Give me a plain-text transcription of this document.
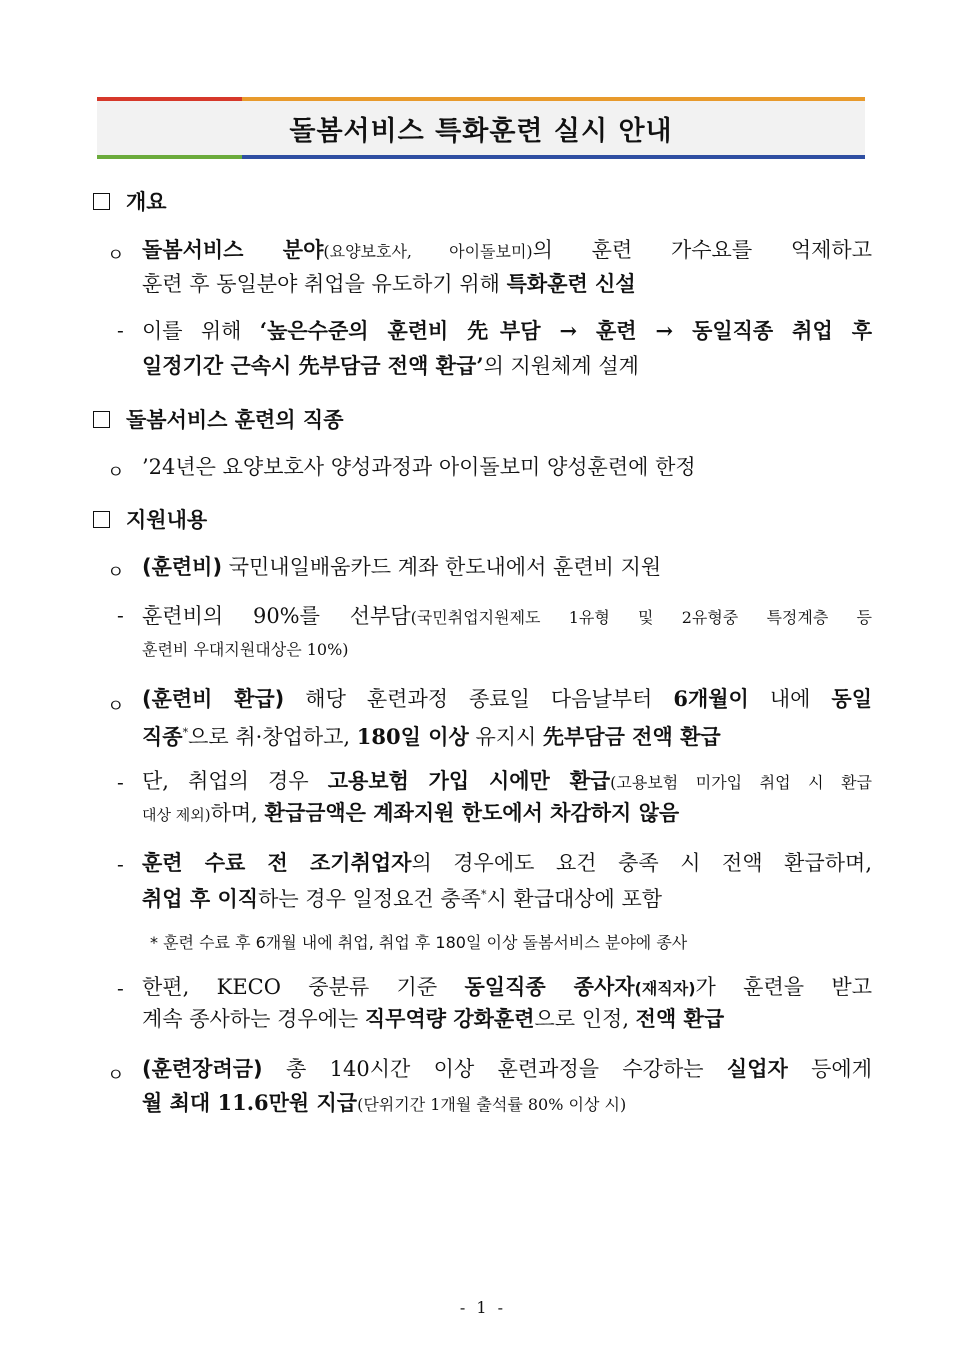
돌봄서비스 특화훈련 실시 안내
개요
ㅇ 돌봄서비스 분야(요양보호사, 아이돌보미)의 훈련 가수요를 억제하고
훈련 후 동일분야 취업을 유도하기 위해 특화훈련 신설
- 이를 위해 ‘높은수준의 훈련비 先부담 → 훈련 → 동일직종 취업 후
일정기간 근속시 先부담금 전액 환급’의 지원체계 설계
돌봄서비스 훈련의 직종
ㅇ ’24년은 요양보호사 양성과정과 아이돌보미 양성훈련에 한정
지원내용
ㅇ (훈련비) 국민내일배움카드 계좌 한도내에서 훈련비 지원
- 훈련비의 90%를 선부담(국민취업지원제도 1유형 및 2유형중 특정계층 등
훈련비 우대지원대상은 10%)
ㅇ (훈련비 환급) 해당 훈련과정 종료일 다음날부터 6개월이 내에 동일
직종*으로 취·창업하고, 180일 이상 유지시 先부담금 전액 환급
- 단, 취업의 경우 고용보험 가입 시에만 환급(고용보험 미가입 취업 시 환급
대상 제외)하며, 환급금액은 계좌지원 한도에서 차감하지 않음
- 훈련 수료 전 조기취업자의 경우에도 요건 충족 시 전액 환급하며,
취업 후 이직하는 경우 일정요건 충족*시 환급대상에 포함
* 훈련 수료 후 6개월 내에 취업, 취업 후 180일 이상 돌봄서비스 분야에 종사
- 한편, KECO 중분류 기준 동일직종 종사자(재직자)가 훈련을 받고
계속 종사하는 경우에는 직무역량 강화훈련으로 인정, 전액 환급
ㅇ (훈련장려금) 총 140시간 이상 훈련과정을 수강하는 실업자 등에게
월 최대 11.6만원 지급(단위기간 1개월 출석률 80% 이상 시)
- 1 -
